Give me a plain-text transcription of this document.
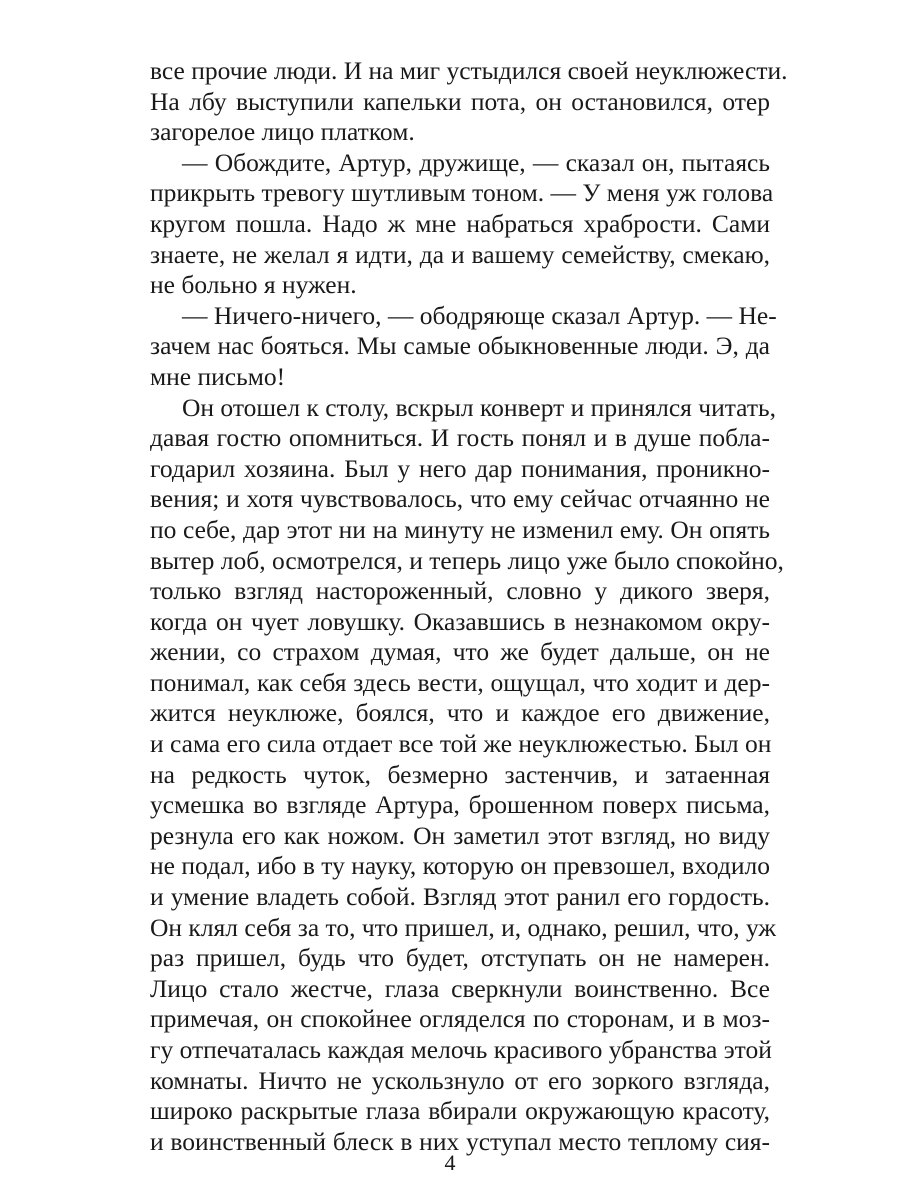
все прочие люди. И на миг устыдился своей неуклюжести.
На лбу выступили капельки пота, он остановился, отер
загорелое лицо платком.
— Обождите, Артур, дружище, — сказал он, пытаясь
прикрыть тревогу шутливым тоном. — У меня уж голова
кругом пошла. Надо ж мне набраться храбрости. Сами
знаете, не желал я идти, да и вашему семейству, смекаю,
не больно я нужен.
— Ничего-ничего, — ободряюще сказал Артур. — Не-
зачем нас бояться. Мы самые обыкновенные люди. Э, да
мне письмо!
Он отошел к столу, вскрыл конверт и принялся читать,
давая гостю опомниться. И гость понял и в душе побла-
годарил хозяина. Был у него дар понимания, проникно-
вения; и хотя чувствовалось, что ему сейчас отчаянно не
по себе, дар этот ни на минуту не изменил ему. Он опять
вытер лоб, осмотрелся, и теперь лицо уже было спокойно,
только взгляд настороженный, словно у дикого зверя,
когда он чует ловушку. Оказавшись в незнакомом окру-
жении, со страхом думая, что же будет дальше, он не
понимал, как себя здесь вести, ощущал, что ходит и дер-
жится неуклюже, боялся, что и каждое его движение,
и сама его сила отдает все той же неуклюжестью. Был он
на редкость чуток, безмерно застенчив, и затаенная
усмешка во взгляде Артура, брошенном поверх письма,
резнула его как ножом. Он заметил этот взгляд, но виду
не подал, ибо в ту науку, которую он превзошел, входило
и умение владеть собой. Взгляд этот ранил его гордость.
Он клял себя за то, что пришел, и, однако, решил, что, уж
раз пришел, будь что будет, отступать он не намерен.
Лицо стало жестче, глаза сверкнули воинственно. Все
примечая, он спокойнее огляделся по сторонам, и в моз-
гу отпечаталась каждая мелочь красивого убранства этой
комнаты. Ничто не ускользнуло от его зоркого взгляда,
широко раскрытые глаза вбирали окружающую красоту,
и воинственный блеск в них уступал место теплому сия-
4
